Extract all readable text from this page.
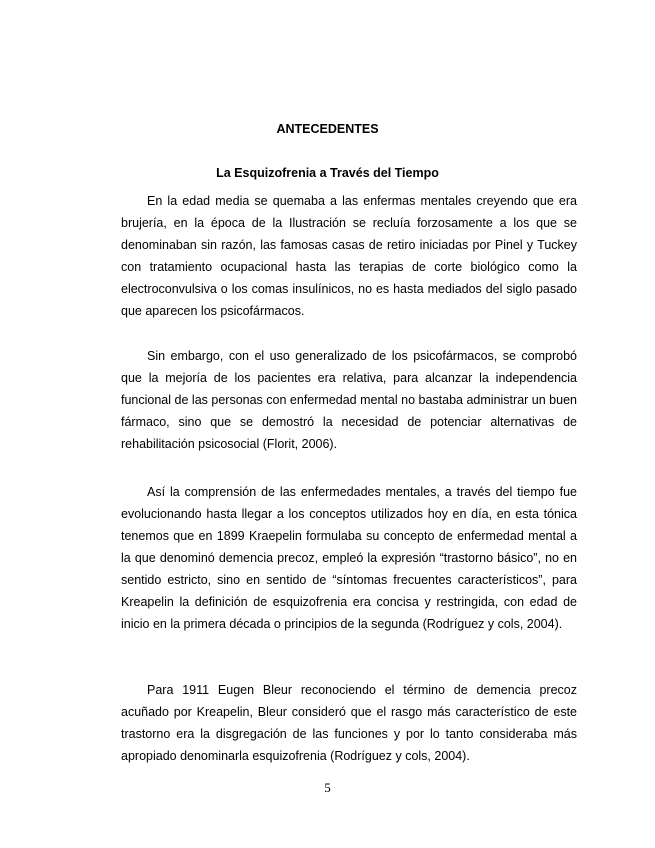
ANTECEDENTES
La Esquizofrenia a Través del Tiempo

En la edad media se quemaba a las enfermas mentales creyendo que era brujería, en la época de la Ilustración se recluía forzosamente a los que se denominaban sin razón, las famosas casas de retiro iniciadas por Pinel y Tuckey con tratamiento ocupacional hasta las terapias de corte biológico como la electroconvulsiva o los comas insulínicos, no es hasta mediados del siglo pasado que aparecen los psicofármacos.

Sin embargo, con el uso generalizado de los psicofármacos, se comprobó que la mejoría de los pacientes era relativa, para alcanzar la independencia funcional de las personas con enfermedad mental no bastaba administrar un buen fármaco, sino que se demostró la necesidad de potenciar alternativas de rehabilitación psicosocial (Florit, 2006).

Así la comprensión de las enfermedades mentales, a través del tiempo fue evolucionando hasta llegar a los conceptos utilizados hoy en día, en esta tónica tenemos que en 1899 Kraepelin formulaba su concepto de enfermedad mental a la que denominó demencia precoz, empleó la expresión “trastorno básico”, no en sentido estricto, sino en sentido de “síntomas frecuentes característicos”, para Kreapelin la definición de esquizofrenia era concisa y restringida, con edad de inicio en la primera década o principios de la segunda (Rodríguez y cols, 2004).

Para 1911 Eugen Bleur reconociendo el término de demencia precoz acuñado por Kreapelin, Bleur consideró que el rasgo más característico de este trastorno era la disgregación de las funciones y por lo tanto consideraba más apropiado denominarla esquizofrenia (Rodríguez y cols, 2004).

5
